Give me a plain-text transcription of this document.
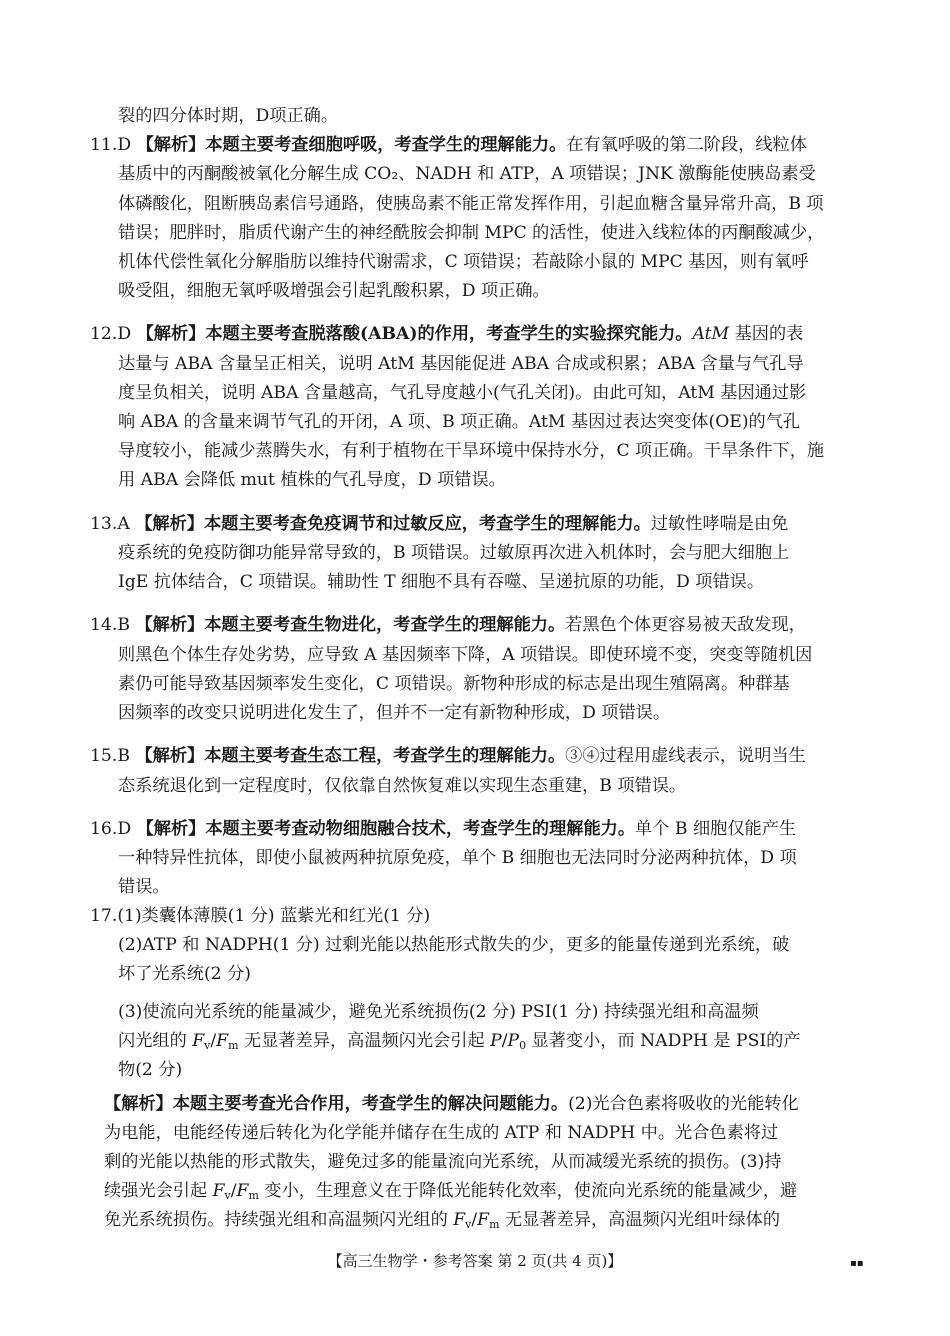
裂的四分体时期，D项正确。
11.D 【解析】本题主要考查细胞呼吸，考查学生的理解能力。在有氧呼吸的第二阶段，线粒体
基质中的丙酮酸被氧化分解生成 CO₂、NADH 和 ATP，A 项错误；JNK 激酶能使胰岛素受
体磷酸化，阻断胰岛素信号通路，使胰岛素不能正常发挥作用，引起血糖含量异常升高，B 项
错误；肥胖时，脂质代谢产生的神经酰胺会抑制 MPC 的活性，使进入线粒体的丙酮酸减少，
机体代偿性氧化分解脂肪以维持代谢需求，C 项错误；若敲除小鼠的 MPC 基因，则有氧呼
吸受阻，细胞无氧呼吸增强会引起乳酸积累，D 项正确。
12.D 【解析】本题主要考查脱落酸(ABA)的作用，考查学生的实验探究能力。AtM 基因的表
达量与 ABA 含量呈正相关，说明 AtM 基因能促进 ABA 合成或积累；ABA 含量与气孔导
度呈负相关，说明 ABA 含量越高，气孔导度越小(气孔关闭)。由此可知，AtM 基因通过影
响 ABA 的含量来调节气孔的开闭，A 项、B 项正确。AtM 基因过表达突变体(OE)的气孔
导度较小，能减少蒸腾失水，有利于植物在干旱环境中保持水分，C 项正确。干旱条件下，施
用 ABA 会降低 mut 植株的气孔导度，D 项错误。
13.A 【解析】本题主要考查免疫调节和过敏反应，考查学生的理解能力。过敏性哮喘是由免
疫系统的免疫防御功能异常导致的，B 项错误。过敏原再次进入机体时，会与肥大细胞上
IgE 抗体结合，C 项错误。辅助性 T 细胞不具有吞噬、呈递抗原的功能，D 项错误。
14.B 【解析】本题主要考查生物进化，考查学生的理解能力。若黑色个体更容易被天敌发现，
则黑色个体生存处劣势，应导致 A 基因频率下降，A 项错误。即使环境不变，突变等随机因
素仍可能导致基因频率发生变化，C 项错误。新物种形成的标志是出现生殖隔离。种群基
因频率的改变只说明进化发生了，但并不一定有新物种形成，D 项错误。
15.B 【解析】本题主要考查生态工程，考查学生的理解能力。③④过程用虚线表示，说明当生
态系统退化到一定程度时，仅依靠自然恢复难以实现生态重建，B 项错误。
16.D 【解析】本题主要考查动物细胞融合技术，考查学生的理解能力。单个 B 细胞仅能产生
一种特异性抗体，即使小鼠被两种抗原免疫，单个 B 细胞也无法同时分泌两种抗体，D 项
错误。
17.(1)类囊体薄膜(1 分) 蓝紫光和红光(1 分)
(2)ATP 和 NADPH(1 分) 过剩光能以热能形式散失的少，更多的能量传递到光系统，破
坏了光系统(2 分)
(3)使流向光系统的能量减少，避免光系统损伤(2 分) PSⅠ(1 分) 持续强光组和高温频
闪光组的 $F_v/F_m$ 无显著差异，高温频闪光会引起 $P/P_0$ 显著变小，而 NADPH 是 PSⅠ的产
物(2 分)
【解析】本题主要考查光合作用，考查学生的解决问题能力。(2)光合色素将吸收的光能转化
为电能，电能经传递后转化为化学能并储存在生成的 ATP 和 NADPH 中。光合色素将过
剩的光能以热能的形式散失，避免过多的能量流向光系统，从而减缓光系统的损伤。(3)持
续强光会引起 $F_v/F_m$ 变小，生理意义在于降低光能转化效率，使流向光系统的能量减少，避
免光系统损伤。持续强光组和高温频闪光组的 $F_v/F_m$ 无显著差异，高温频闪光组叶绿体的
【高三生物学・参考答案 第 2 页(共 4 页)】	▪▪
